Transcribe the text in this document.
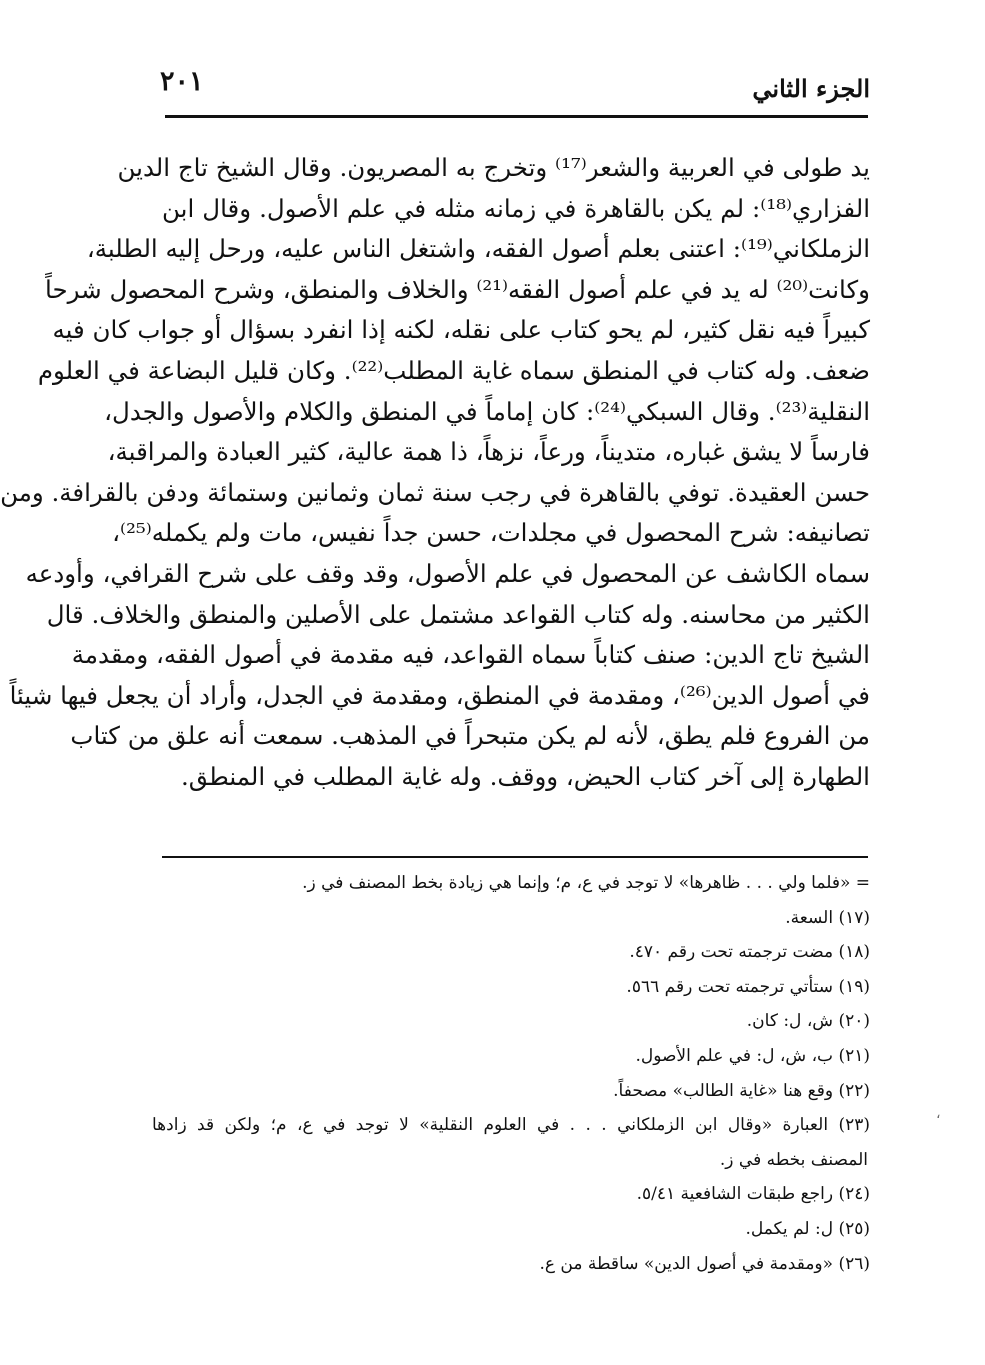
الجزء الثاني
٢٠١
يد طولى في العربية والشعر⁽¹⁷⁾ وتخرج به المصريون. وقال الشيخ تاج الدين
الفزاري⁽¹⁸⁾: لم يكن بالقاهرة في زمانه مثله في علم الأصول. وقال ابن
الزملكاني⁽¹⁹⁾: اعتنى بعلم أصول الفقه، واشتغل الناس عليه، ورحل إليه الطلبة،
وكانت⁽²⁰⁾ له يد في علم أصول الفقه⁽²¹⁾ والخلاف والمنطق، وشرح المحصول شرحاً
كبيراً فيه نقل كثير، لم يحو كتاب على نقله، لكنه إذا انفرد بسؤال أو جواب كان فيه
ضعف. وله كتاب في المنطق سماه غاية المطلب⁽²²⁾. وكان قليل البضاعة في العلوم
النقلية⁽²³⁾. وقال السبكي⁽²⁴⁾: كان إماماً في المنطق والكلام والأصول والجدل،
فارساً لا يشق غباره، متديناً، ورعاً، نزهاً، ذا همة عالية، كثير العبادة والمراقبة،
حسن العقيدة. توفي بالقاهرة في رجب سنة ثمان وثمانين وستمائة ودفن بالقرافة. ومن
تصانيفه: شرح المحصول في مجلدات، حسن جداً نفيس، مات ولم يكمله⁽²⁵⁾،
سماه الكاشف عن المحصول في علم الأصول، وقد وقف على شرح القرافي، وأودعه
الكثير من محاسنه. وله كتاب القواعد مشتمل على الأصلين والمنطق والخلاف. قال
الشيخ تاج الدين: صنف كتاباً سماه القواعد، فيه مقدمة في أصول الفقه، ومقدمة
في أصول الدين⁽²⁶⁾، ومقدمة في المنطق، ومقدمة في الجدل، وأراد أن يجعل فيها شيئاً
من الفروع فلم يطق، لأنه لم يكن متبحراً في المذهب. سمعت أنه علق من كتاب
الطهارة إلى آخر كتاب الحيض، ووقف. وله غاية المطلب في المنطق.
= «فلما ولي . . . ظاهرها» لا توجد في ع، م؛ وإنما هي زيادة بخط المصنف في ز.
(١٧) السعة.
(١٨) مضت ترجمته تحت رقم ٤٧٠.
(١٩) ستأتي ترجمته تحت رقم ٥٦٦.
(٢٠) ش، ل: كان.
(٢١) ب، ش، ل: في علم الأصول.
(٢٢) وقع هنا «غاية الطالب» مصحفاً.
(٢٣) العبارة «وقال ابن الزملكاني . . . في العلوم النقلية» لا توجد في ع، م؛ ولكن قد زادها
المصنف بخطه في ز.
(٢٤) راجع طبقات الشافعية ٥/٤١.
(٢٥) ل: لم يكمل.
(٢٦) «ومقدمة في أصول الدين» ساقطة من ع.
،
